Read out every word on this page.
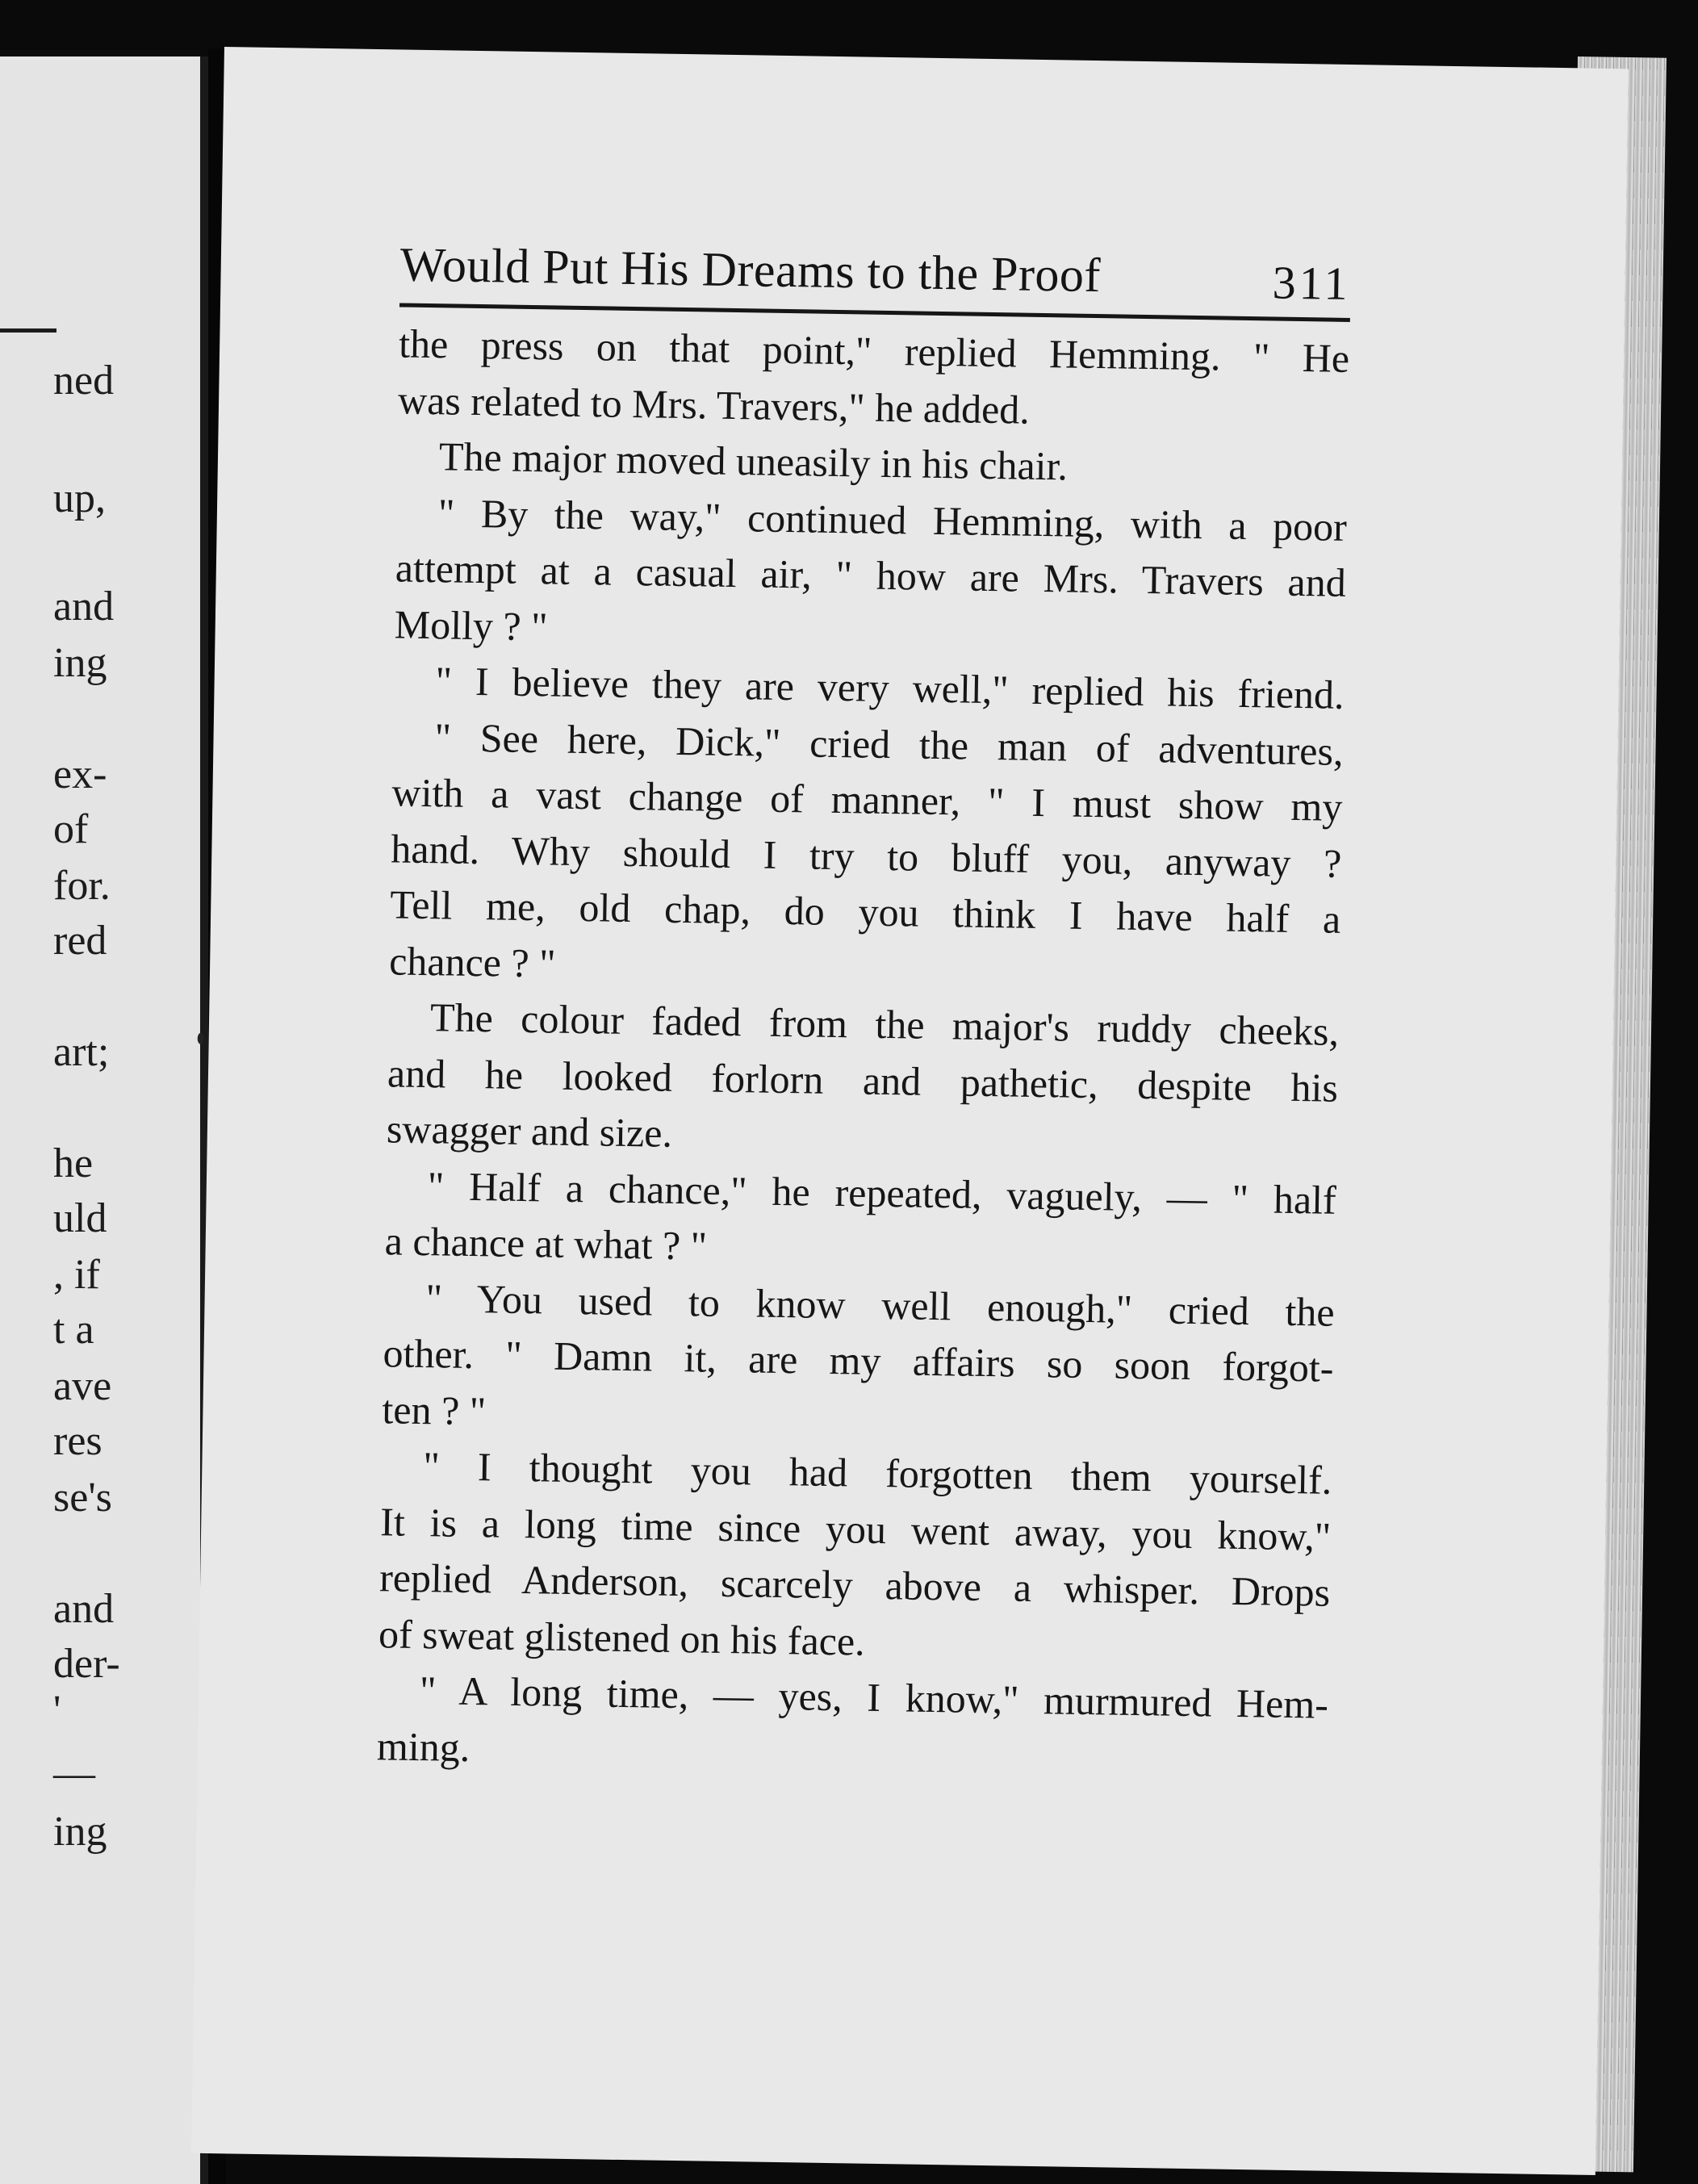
ned
up,
and
ing
ex-
of
for.
red
art;
he
uld
, if
t a
ave
res
se's
and
der-
'
—
ing
Would Put His Dreams to the Proof	311
the press on that point," replied Hemming. " He
was related to Mrs. Travers," he added.
The major moved uneasily in his chair.
" By the way," continued Hemming, with a poor
attempt at a casual air, " how are Mrs. Travers and
Molly ? "
" I believe they are very well," replied his friend.
" See here, Dick," cried the man of adventures,
with a vast change of manner, " I must show my
hand. Why should I try to bluff you, anyway ?
Tell me, old chap, do you think I have half a
chance ? "
The colour faded from the major's ruddy cheeks,
and he looked forlorn and pathetic, despite his
swagger and size.
" Half a chance," he repeated, vaguely, — " half
a chance at what ? "
" You used to know well enough," cried the
other. " Damn it, are my affairs so soon forgot-
ten ? "
" I thought you had forgotten them yourself.
It is a long time since you went away, you know,"
replied Anderson, scarcely above a whisper. Drops
of sweat glistened on his face.
" A long time, — yes, I know," murmured Hem-
ming.
